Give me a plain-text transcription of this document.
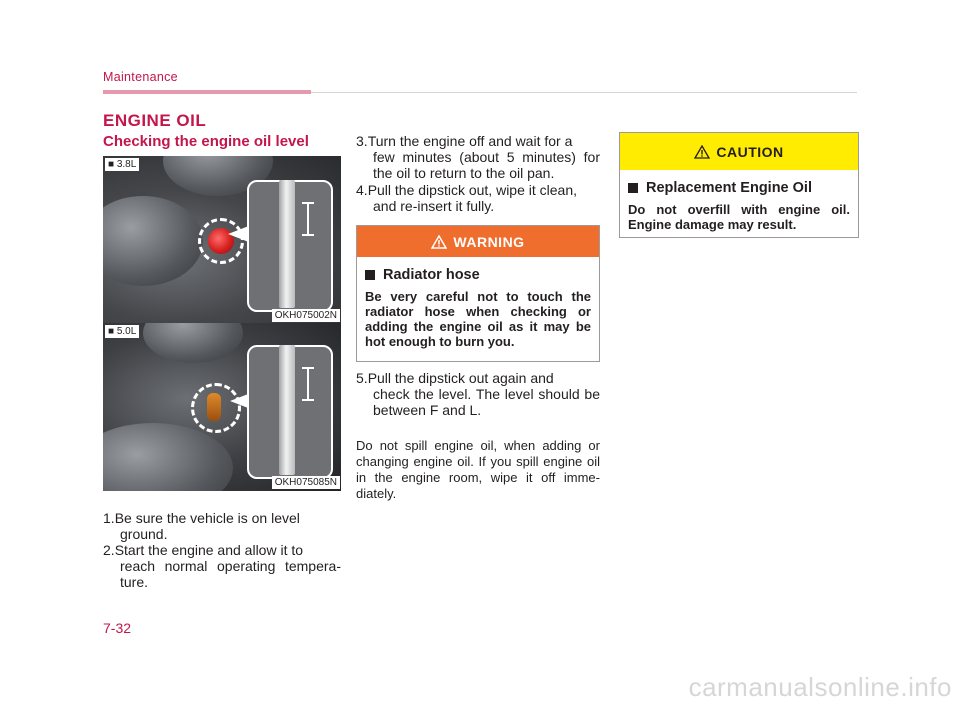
Maintenance
ENGINE OIL
Checking the engine oil level
■ 3.8L
OKH075002N
■ 5.0L
OKH075085N
1.Be sure the vehicle is on level
ground.
2.Start the engine and allow it to
reach normal operating tempera-ture.
3.Turn the engine off and wait for a
few minutes (about 5 minutes) for the oil to return to the oil pan.
4.Pull the dipstick out, wipe it clean,
and re-insert it fully.
WARNING
Radiator hose
Be very careful not to touch the radiator hose when checking or adding the engine oil as it may be hot enough to burn you.
5.Pull the dipstick out again and
check the level. The level should be between F and L.
Do not spill engine oil, when adding or changing engine oil. If you spill engine oil in the engine room, wipe it off imme-diately.
CAUTION
Replacement Engine Oil
Do not overfill with engine oil. Engine damage may result.
7-32
carmanualsonline.info
